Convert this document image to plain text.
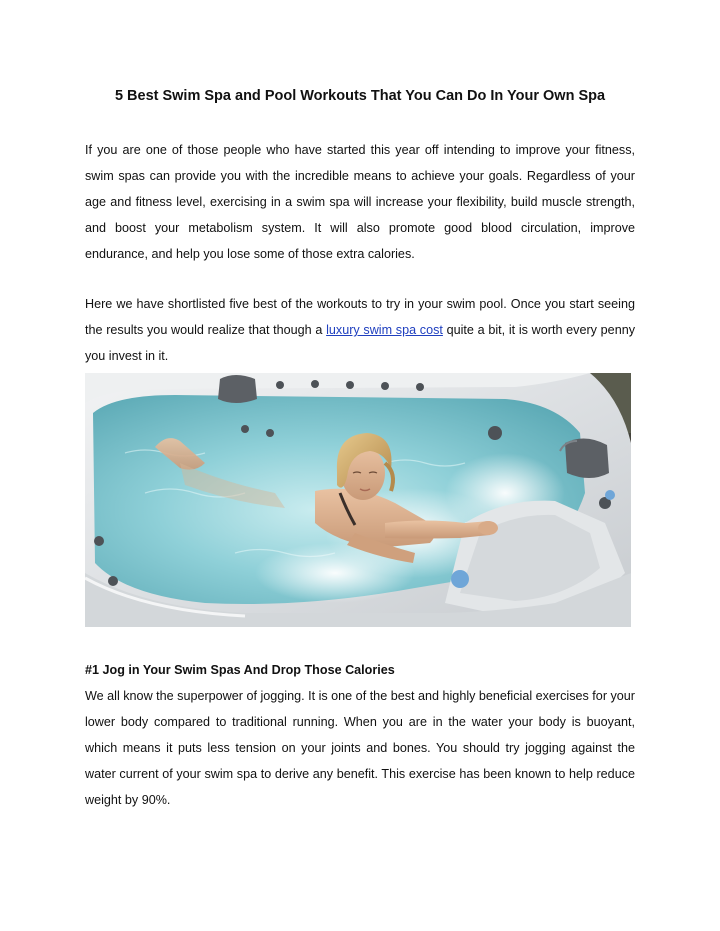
5 Best Swim Spa and Pool Workouts That You Can Do In Your Own Spa

If you are one of those people who have started this year off intending to improve your fitness, swim spas can provide you with the incredible means to achieve your goals. Regardless of your age and fitness level, exercising in a swim spa will increase your flexibility, build muscle strength, and boost your metabolism system. It will also promote good blood circulation, improve endurance, and help you lose some of those extra calories.

Here we have shortlisted five best of the workouts to try in your swim pool. Once you start seeing the results you would realize that though a luxury swim spa cost quite a bit, it is worth every penny you invest in it.

#1 Jog in Your Swim Spas And Drop Those Calories

We all know the superpower of jogging. It is one of the best and highly beneficial exercises for your lower body compared to traditional running. When you are in the water your body is buoyant, which means it puts less tension on your joints and bones. You should try jogging against the water current of your swim spa to derive any benefit. This exercise has been known to help reduce weight by 90%.
